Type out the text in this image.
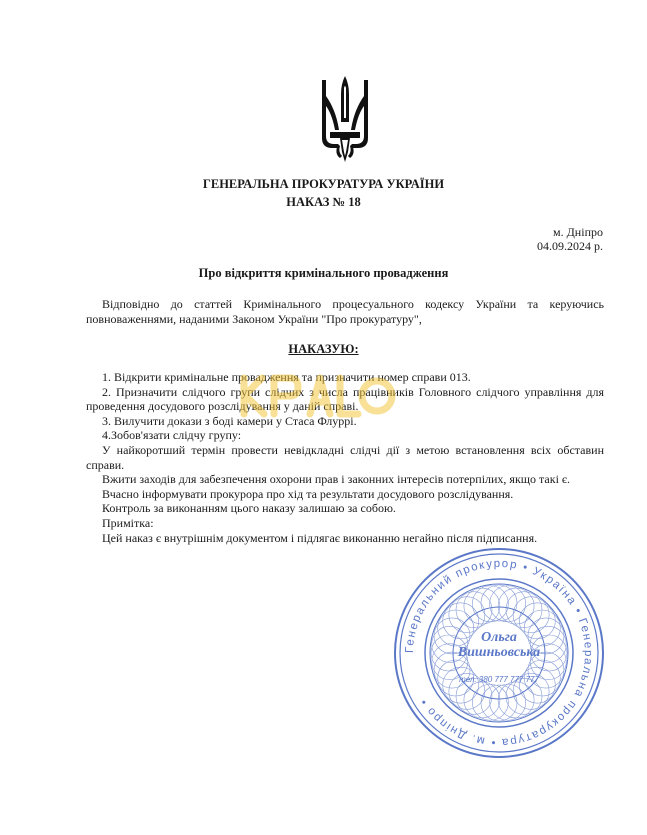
ГЕНЕРАЛЬНА ПРОКУРАТУРА УКРАЇНИ
НАКАЗ № 18
м. Дніпро
04.09.2024 р.
Про відкриття кримінального провадження
Відповідно до статтей Кримінального процесуального кодексу України та керуючись повноваженнями, наданими Законом України "Про прокуратуру",
НАКАЗУЮ:

1. Відкрити кримінальне провадження та призначити номер справи 013.

2. Призначити слідчого групи слідчих з числа працівників Головного слідчого управління для проведення досудового розслідування у даній справі.

3. Вилучити докази з боді камери у Стаса Флуррі.

4.Зобов'язати слідчу групу:

У найкоротший термін провести невідкладні слідчі дії з метою встановлення всіх обставин справи.

Вжити заходів для забезпечення охорони прав і законних інтересів потерпілих, якщо такі є.

Вчасно інформувати прокурора про хід та результати досудового розслідування.

Контроль за виконанням цього наказу залишаю за собою.

Примітка:

Цей наказ є внутрішнім документом і підлягає виконанню негайно після підписання.

Генеральний прокурор • Україна • Генеральна прокуратура • м. Дніпро •
Ольга
Вишньовська
тел. 380 777 777 777
